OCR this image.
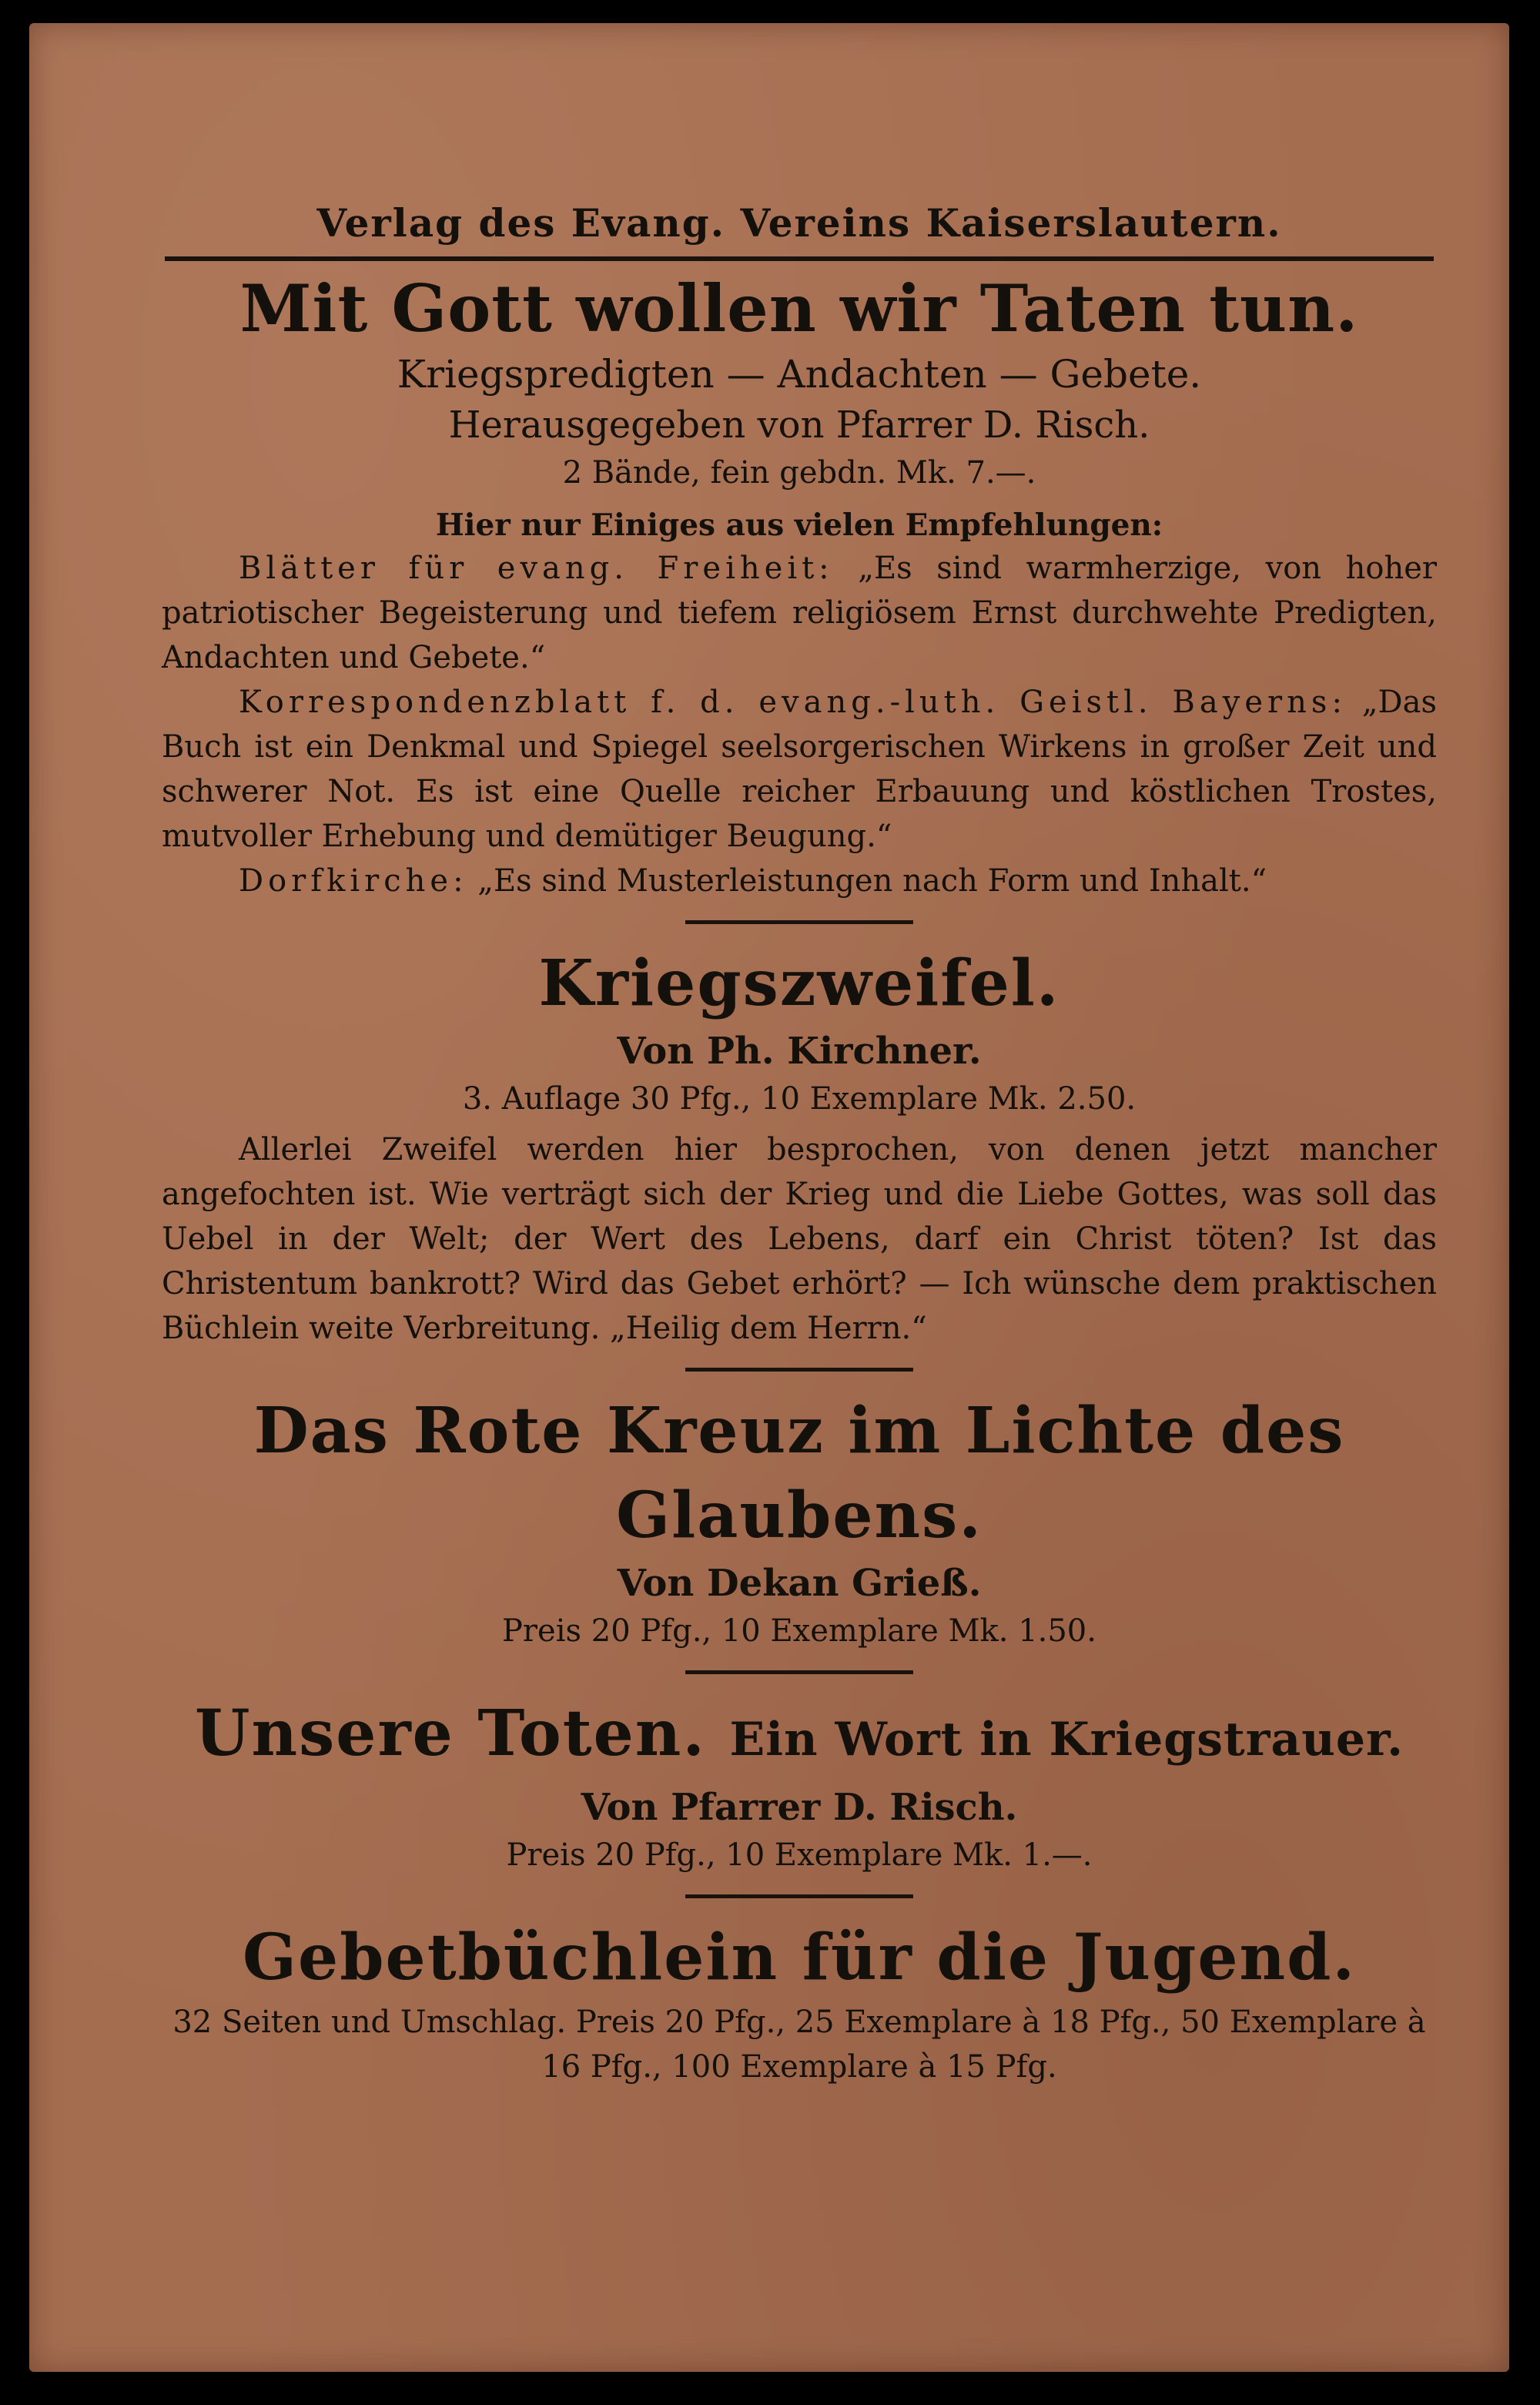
Verlag des Evang. Vereins Kaiserslautern.
Mit Gott wollen wir Taten tun.
Kriegspredigten — Andachten — Gebete.
Herausgegeben von Pfarrer D. Risch.
2 Bände, fein gebdn. Mk. 7.—.
Hier nur Einiges aus vielen Empfehlungen:
Blätter für evang. Freiheit: „Es sind warmherzige, von hoher patriotischer Begeisterung und tiefem religiösem Ernst durchwehte Predigten, Andachten und Gebete.“
Korrespondenzblatt f. d. evang.-luth. Geistl. Bayerns: „Das Buch ist ein Denkmal und Spiegel seelsorgerischen Wirkens in großer Zeit und schwerer Not. Es ist eine Quelle reicher Erbauung und köstlichen Trostes, mutvoller Erhebung und demütiger Beugung.“
Dorfkirche: „Es sind Musterleistungen nach Form und Inhalt.“
Kriegszweifel.
Von Ph. Kirchner.
3. Auflage 30 Pfg., 10 Exemplare Mk. 2.50.
Allerlei Zweifel werden hier besprochen, von denen jetzt mancher angefochten ist. Wie verträgt sich der Krieg und die Liebe Gottes, was soll das Uebel in der Welt; der Wert des Lebens, darf ein Christ töten? Ist das Christentum bankrott? Wird das Gebet erhört? — Ich wünsche dem praktischen Büchlein weite Verbreitung. „Heilig dem Herrn.“
Das Rote Kreuz im Lichte des
Glaubens.
Von Dekan Grieß.
Preis 20 Pfg., 10 Exemplare Mk. 1.50.
Unsere Toten. Ein Wort in Kriegstrauer.
Von Pfarrer D. Risch.
Preis 20 Pfg., 10 Exemplare Mk. 1.—.
Gebetbüchlein für die Jugend.
32 Seiten und Umschlag. Preis 20 Pfg., 25 Exemplare à 18 Pfg., 50 Exemplare à 16 Pfg., 100 Exemplare à 15 Pfg.
